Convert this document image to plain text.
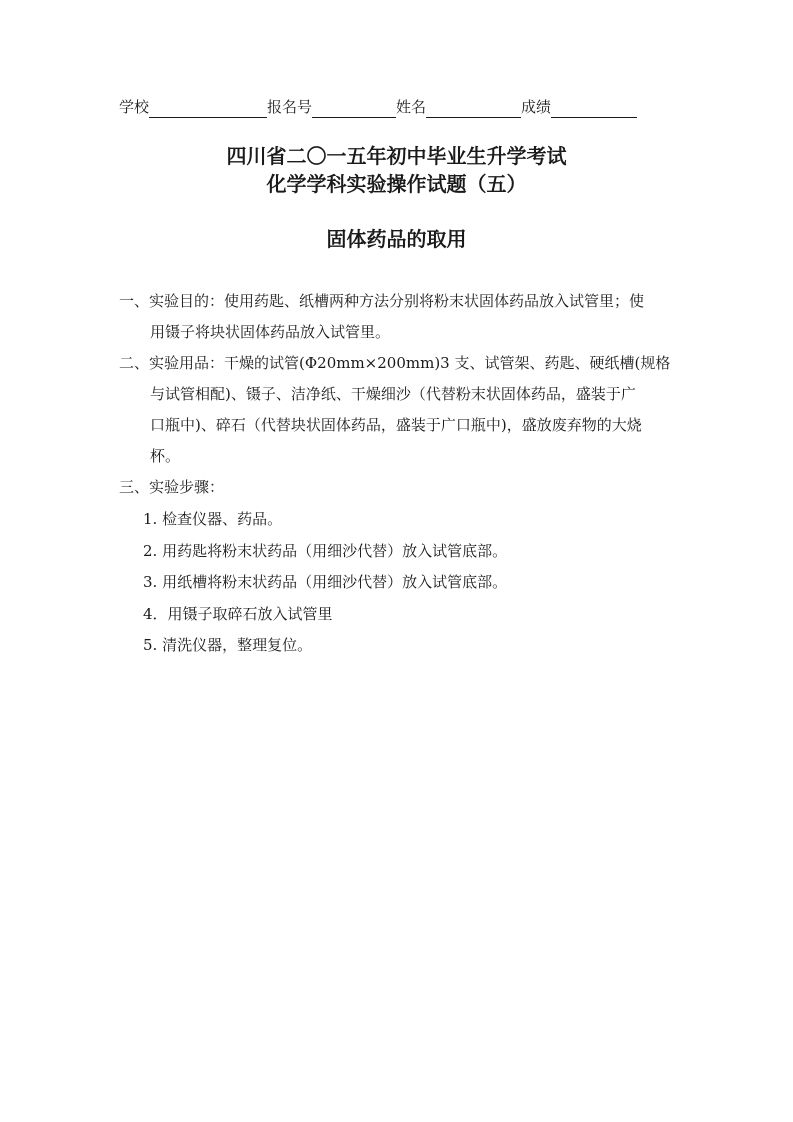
学校	报名号	姓名	成绩
四川省二〇一五年初中毕业生升学考试
化学学科实验操作试题（五）
固体药品的取用
一、实验目的：使用药匙、纸槽两种方法分别将粉末状固体药品放入试管里；使
用镊子将块状固体药品放入试管里。
二、实验用品：干燥的试管(Φ20mm×200mm)3 支、试管架、药匙、硬纸槽(规格
与试管相配)、镊子、洁净纸、干燥细沙（代替粉末状固体药品，盛装于广
口瓶中)、碎石（代替块状固体药品，盛装于广口瓶中)，盛放废弃物的大烧
杯。
三、实验步骤：
1. 检查仪器、药品。
2. 用药匙将粉末状药品（用细沙代替）放入试管底部。
3. 用纸槽将粉末状药品（用细沙代替）放入试管底部。
4．用镊子取碎石放入试管里
5. 清洗仪器，整理复位。
